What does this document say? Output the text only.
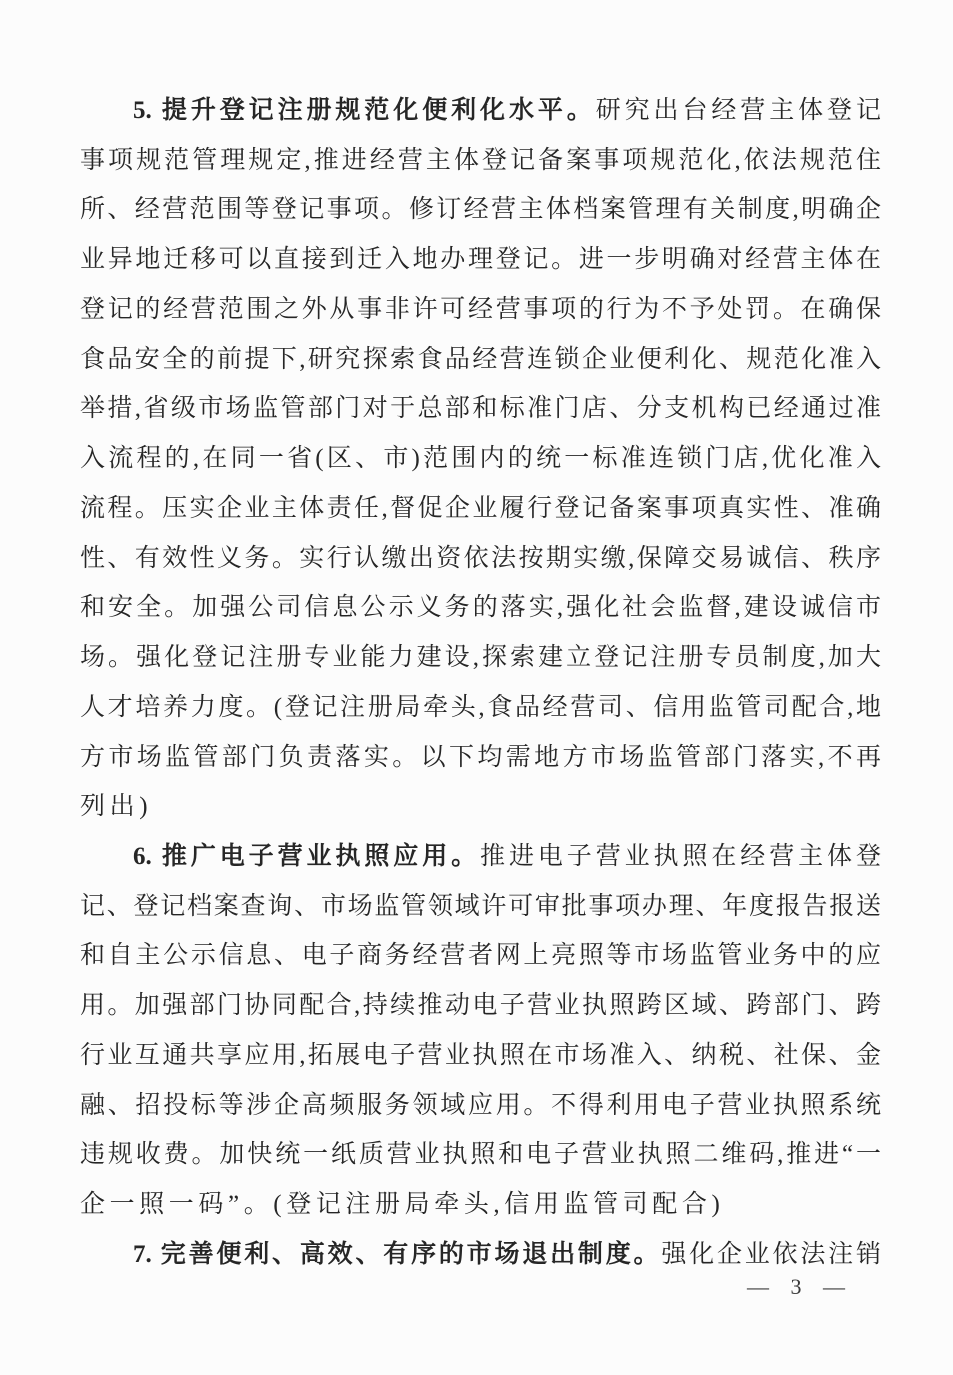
5. 提升登记注册规范化便利化水平。研究出台经营主体登记
事项规范管理规定,推进经营主体登记备案事项规范化,依法规范住
所、经营范围等登记事项。修订经营主体档案管理有关制度,明确企
业异地迁移可以直接到迁入地办理登记。进一步明确对经营主体在
登记的经营范围之外从事非许可经营事项的行为不予处罚。在确保
食品安全的前提下,研究探索食品经营连锁企业便利化、规范化准入
举措,省级市场监管部门对于总部和标准门店、分支机构已经通过准
入流程的,在同一省(区、市)范围内的统一标准连锁门店,优化准入
流程。压实企业主体责任,督促企业履行登记备案事项真实性、准确
性、有效性义务。实行认缴出资依法按期实缴,保障交易诚信、秩序
和安全。加强公司信息公示义务的落实,强化社会监督,建设诚信市
场。强化登记注册专业能力建设,探索建立登记注册专员制度,加大
人才培养力度。(登记注册局牵头,食品经营司、信用监管司配合,地
方市场监管部门负责落实。以下均需地方市场监管部门落实,不再
列出)
6. 推广电子营业执照应用。推进电子营业执照在经营主体登
记、登记档案查询、市场监管领域许可审批事项办理、年度报告报送
和自主公示信息、电子商务经营者网上亮照等市场监管业务中的应
用。加强部门协同配合,持续推动电子营业执照跨区域、跨部门、跨
行业互通共享应用,拓展电子营业执照在市场准入、纳税、社保、金
融、招投标等涉企高频服务领域应用。不得利用电子营业执照系统
违规收费。加快统一纸质营业执照和电子营业执照二维码,推进“一
企一照一码”。(登记注册局牵头,信用监管司配合)
7. 完善便利、高效、有序的市场退出制度。强化企业依法注销
— 3 —
